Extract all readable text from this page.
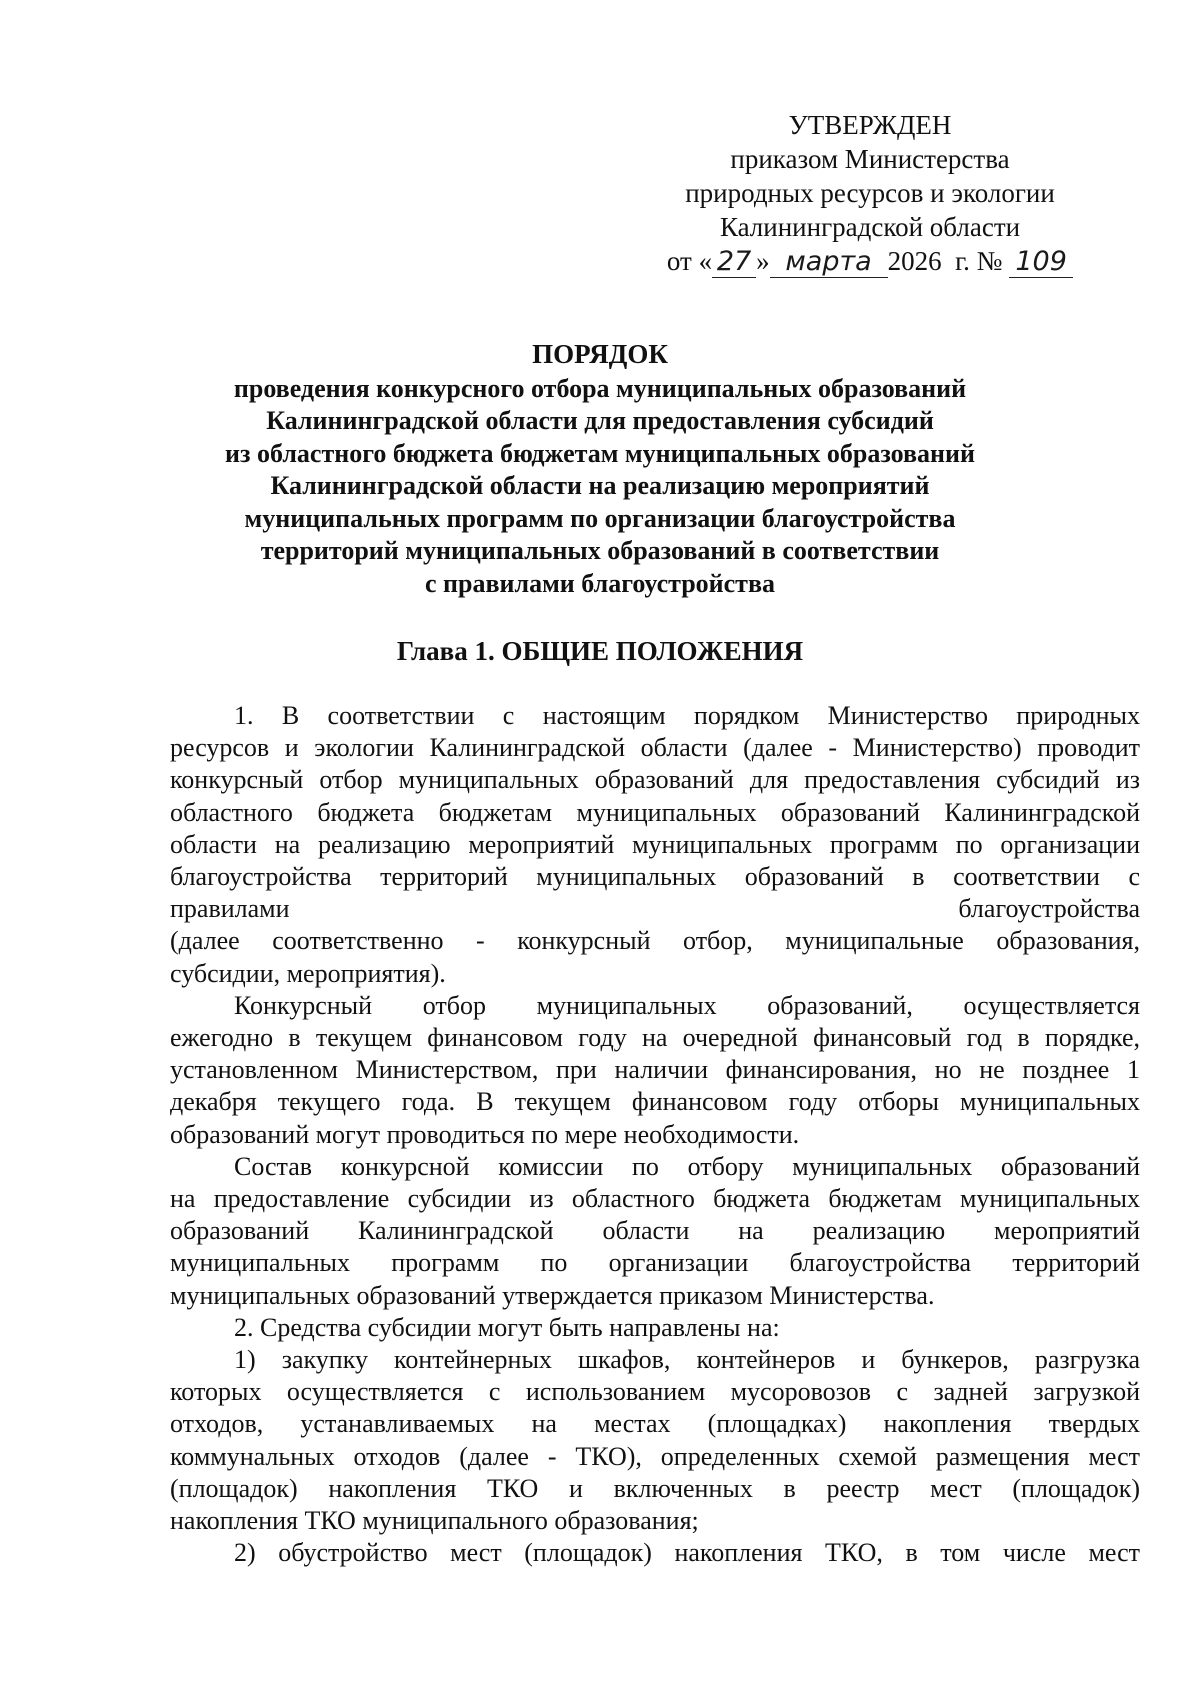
УТВЕРЖДЕН
приказом Министерства
природных ресурсов и экологии
Калининградской области
от « 27 » марта 2026 г. № 109
ПОРЯДОК
проведения конкурсного отбора муниципальных образований
Калининградской области для предоставления субсидий
из областного бюджета бюджетам муниципальных образований
Калининградской области на реализацию мероприятий
муниципальных программ по организации благоустройства
территорий муниципальных образований в соответствии
с правилами благоустройства
Глава 1. ОБЩИЕ ПОЛОЖЕНИЯ
1. В соответствии с настоящим порядком Министерство природных
ресурсов и экологии Калининградской области (далее - Министерство) проводит
конкурсный отбор муниципальных образований для предоставления субсидий из
областного бюджета бюджетам муниципальных образований Калининградской
области на реализацию мероприятий муниципальных программ по организации
благоустройства территорий муниципальных образований в соответствии с
правилами благоустройства
(далее соответственно - конкурсный отбор, муниципальные образования,
субсидии, мероприятия).
Конкурсный отбор муниципальных образований, осуществляется
ежегодно в текущем финансовом году на очередной финансовый год в порядке,
установленном Министерством, при наличии финансирования, но не позднее 1
декабря текущего года. В текущем финансовом году отборы муниципальных
образований могут проводиться по мере необходимости.
Состав конкурсной комиссии по отбору муниципальных образований
на предоставление субсидии из областного бюджета бюджетам муниципальных
образований Калининградской области на реализацию мероприятий
муниципальных программ по организации благоустройства территорий
муниципальных образований утверждается приказом Министерства.
2. Средства субсидии могут быть направлены на:
1) закупку контейнерных шкафов, контейнеров и бункеров, разгрузка
которых осуществляется с использованием мусоровозов с задней загрузкой
отходов, устанавливаемых на местах (площадках) накопления твердых
коммунальных отходов (далее - ТКО), определенных схемой размещения мест
(площадок) накопления ТКО и включенных в реестр мест (площадок)
накопления ТКО муниципального образования;
2) обустройство мест (площадок) накопления ТКО, в том числе мест
